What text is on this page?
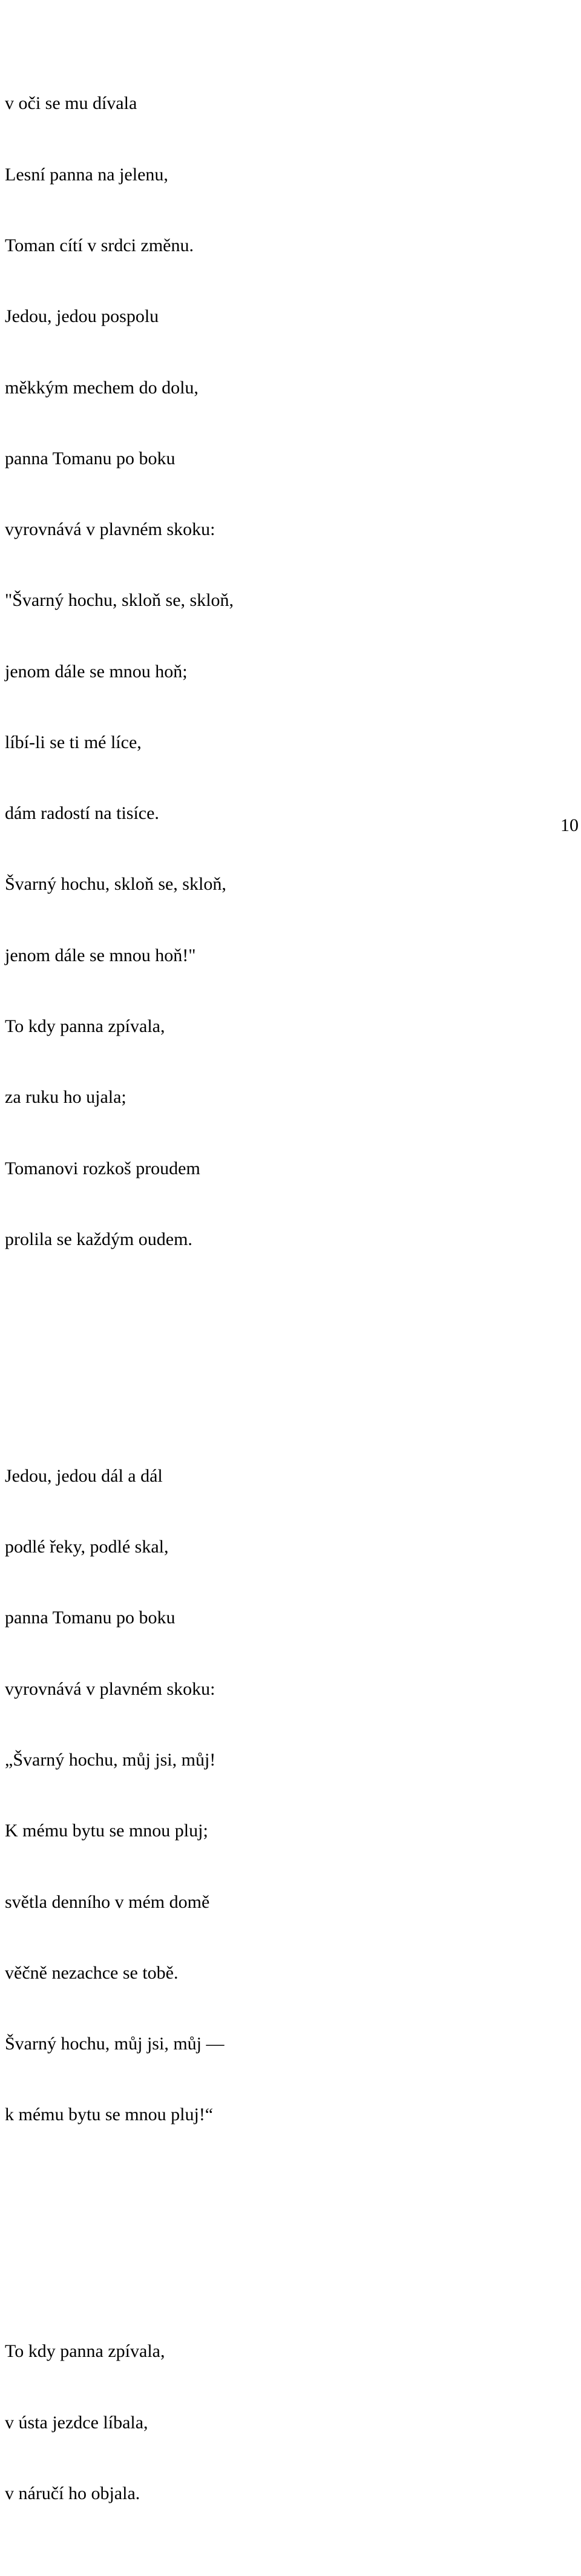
v oči se mu dívala

Lesní panna na jelenu,

Toman cítí v srdci změnu.

Jedou, jedou pospolu

měkkým mechem do dolu,

panna Tomanu po boku

vyrovnává v plavném skoku:

"Švarný hochu, skloň se, skloň,

jenom dále se mnou hoň;

líbí-li se ti mé líce,

dám radostí na tisíce.

Švarný hochu, skloň se, skloň,

jenom dále se mnou hoň!"

To kdy panna zpívala,

za ruku ho ujala;

Tomanovi rozkoš proudem

prolila se každým oudem.

Jedou, jedou dál a dál

podlé řeky, podlé skal,

panna Tomanu po boku

vyrovnává v plavném skoku:

„Švarný hochu, můj jsi, můj!

K mému bytu se mnou pluj;

světla denního v mém domě

věčně nezachce se tobě.

Švarný hochu, můj jsi, můj —

k mému bytu se mnou pluj!“

To kdy panna zpívala,

v ústa jezdce líbala,

v náručí ho objala.

10
